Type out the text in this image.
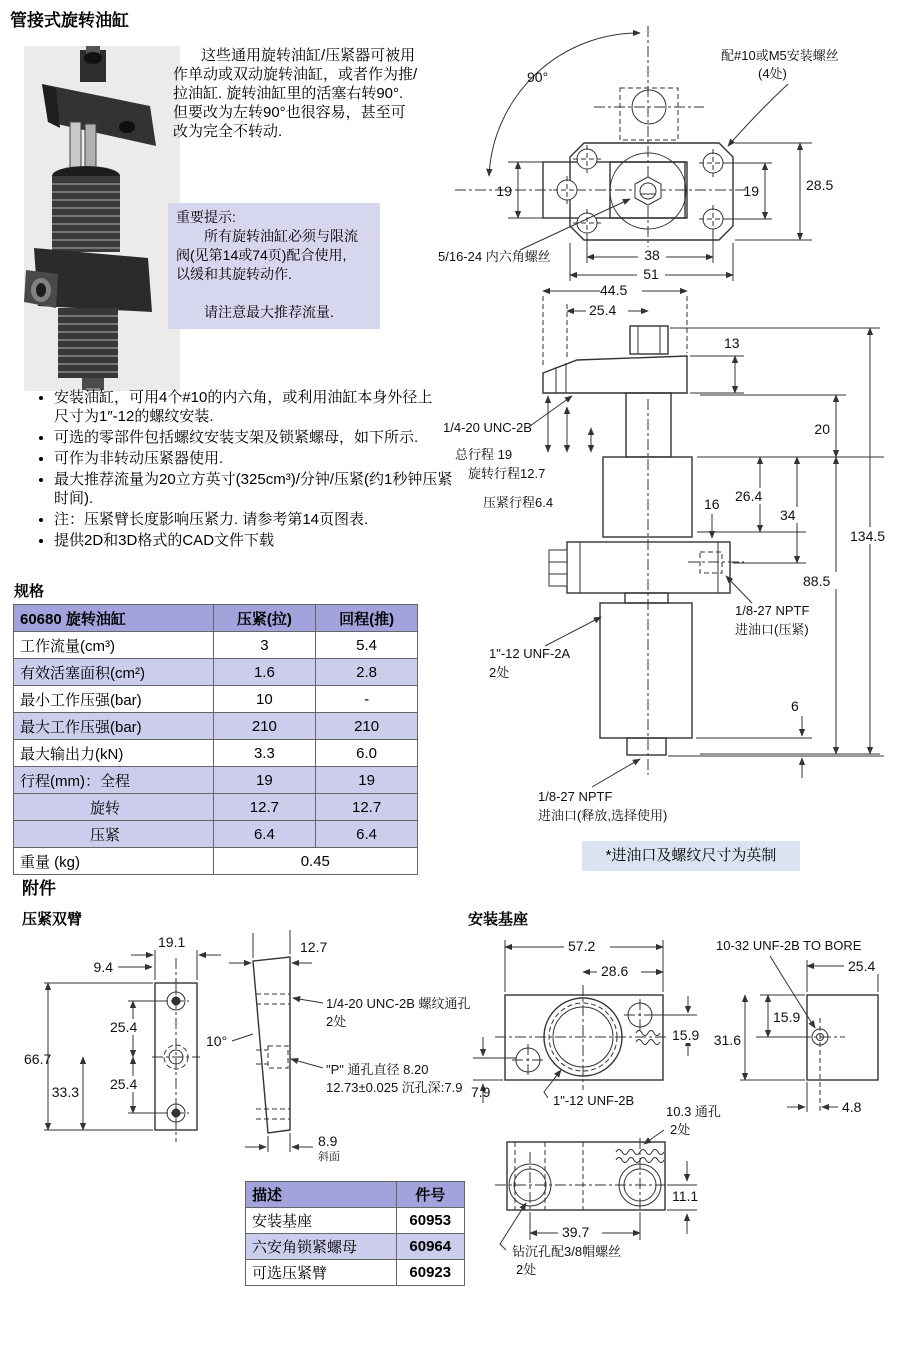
90°
配#10或M5安装螺丝
(4处)
5/16-24 内六角螺丝
19	19	28.5
38
51
44.5
25.4
13
1/4-20 UNC-2B
总行程 19
旋转行程12.7
压紧行程6.4
20
26.4
34
16
134.5
88.5
6
1"-12 UNF-2A
2处
1/8-27 NPTF
进油口(压紧)
1/8-27 NPTF
进油口(释放,选择使用)
19.1
9.4
66.7
25.4
25.4
33.3
12.7
10°
1/4-20 UNC-2B 螺纹通孔
2处
"P" 通孔直径 8.20
12.73±0.025 沉孔深:7.9
8.9
斜面
57.2
28.6
15.9
7.9
1"-12 UNF-2B
10-32 UNF-2B TO BORE
25.4
15.9
31.6
4.8
11.1
39.7
10.3 通孔
2处
钻沉孔配3/8帽螺丝
2处
管接式旋转油缸
这些通用旋转油缸/压紧器可被用作单动或双动旋转油缸，或者作为推/拉油缸. 旋转油缸里的活塞右转90°. 但要改为左转90°也很容易，甚至可改为完全不转动.
重要提示:
　　所有旋转油缸必须与限流
阀(见第14或74页)配合使用,
以缓和其旋转动作.

　　请注意最大推荐流量.
• 安装油缸，可用4个#10的内六角，或利用油缸本身外径上
尺寸为1″-12的螺纹安装.
• 可选的零部件包括螺纹安装支架及锁紧螺母，如下所示.
• 可作为非转动压紧器使用.
• 最大推荐流量为20立方英寸(325cm³)/分钟/压紧(约1秒钟压紧时间).
• 注：压紧臂长度影响压紧力. 请参考第14页图表.
• 提供2D和3D格式的CAD文件下载
规格
60680 旋转油缸	压紧(拉)	回程(推)
工作流量(cm³)	3	5.4
有效活塞面积(cm²)	1.6	2.8
最小工作压强(bar)	10	-
最大工作压强(bar)	210	210
最大输出力(kN)	3.3	6.0
行程(mm)：全程	19	19
旋转	12.7	12.7
压紧	6.4	6.4
重量 (kg)	0.45		*进油口及螺纹尺寸为英制
附件
压紧双臂	安装基座
描述	件号
安装基座	60953
六安角锁紧螺母	60964
可选压紧臂	60923
